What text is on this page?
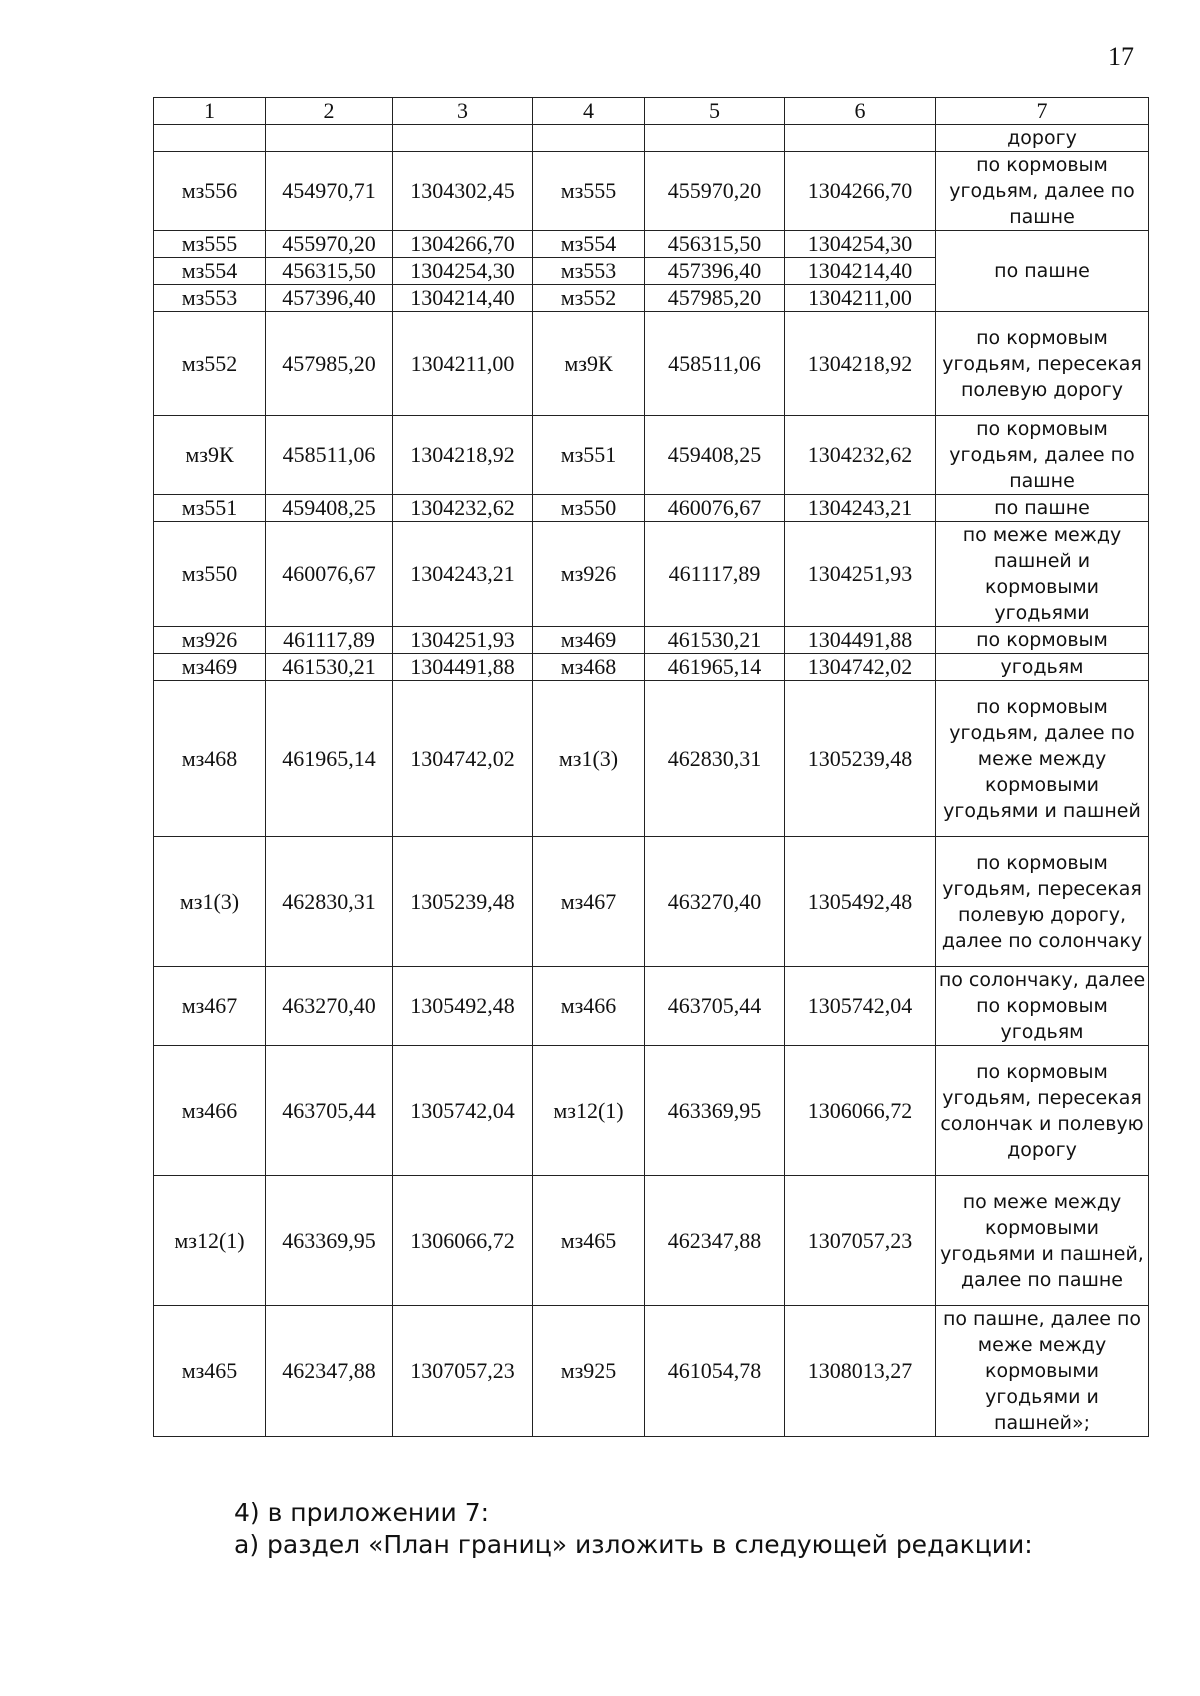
17
1	2	3	4	5	6	7
						дорогу
мз556	454970,71	1304302,45	мз555	455970,20	1304266,70	по кормовым угодьям, далее по пашне
мз555	455970,20	1304266,70	мз554	456315,50	1304254,30	по пашне
мз554	456315,50	1304254,30	мз553	457396,40	1304214,40	
мз553	457396,40	1304214,40	мз552	457985,20	1304211,00	
мз552	457985,20	1304211,00	мз9К	458511,06	1304218,92	по кормовым угодьям, пересекая полевую дорогу
мз9К	458511,06	1304218,92	мз551	459408,25	1304232,62	по кормовым угодьям, далее по пашне
мз551	459408,25	1304232,62	мз550	460076,67	1304243,21	по пашне
мз550	460076,67	1304243,21	мз926	461117,89	1304251,93	по меже между пашней и кормовыми угодьями
мз926	461117,89	1304251,93	мз469	461530,21	1304491,88	по кормовым
мз469	461530,21	1304491,88	мз468	461965,14	1304742,02	угодьям
мз468	461965,14	1304742,02	мз1(3)	462830,31	1305239,48	по кормовым угодьям, далее по меже между кормовыми угодьями и пашней
мз1(3)	462830,31	1305239,48	мз467	463270,40	1305492,48	по кормовым угодьям, пересекая полевую дорогу, далее по солончаку
мз467	463270,40	1305492,48	мз466	463705,44	1305742,04	по солончаку, далее по кормовым угодьям
мз466	463705,44	1305742,04	мз12(1)	463369,95	1306066,72	по кормовым угодьям, пересекая солончак и полевую дорогу
мз12(1)	463369,95	1306066,72	мз465	462347,88	1307057,23	по меже между кормовыми угодьями и пашней, далее по пашне
мз465	462347,88	1307057,23	мз925	461054,78	1308013,27	по пашне, далее по меже между кормовыми угодьями и пашней»;
4) в приложении 7:
а) раздел «План границ» изложить в следующей редакции:
